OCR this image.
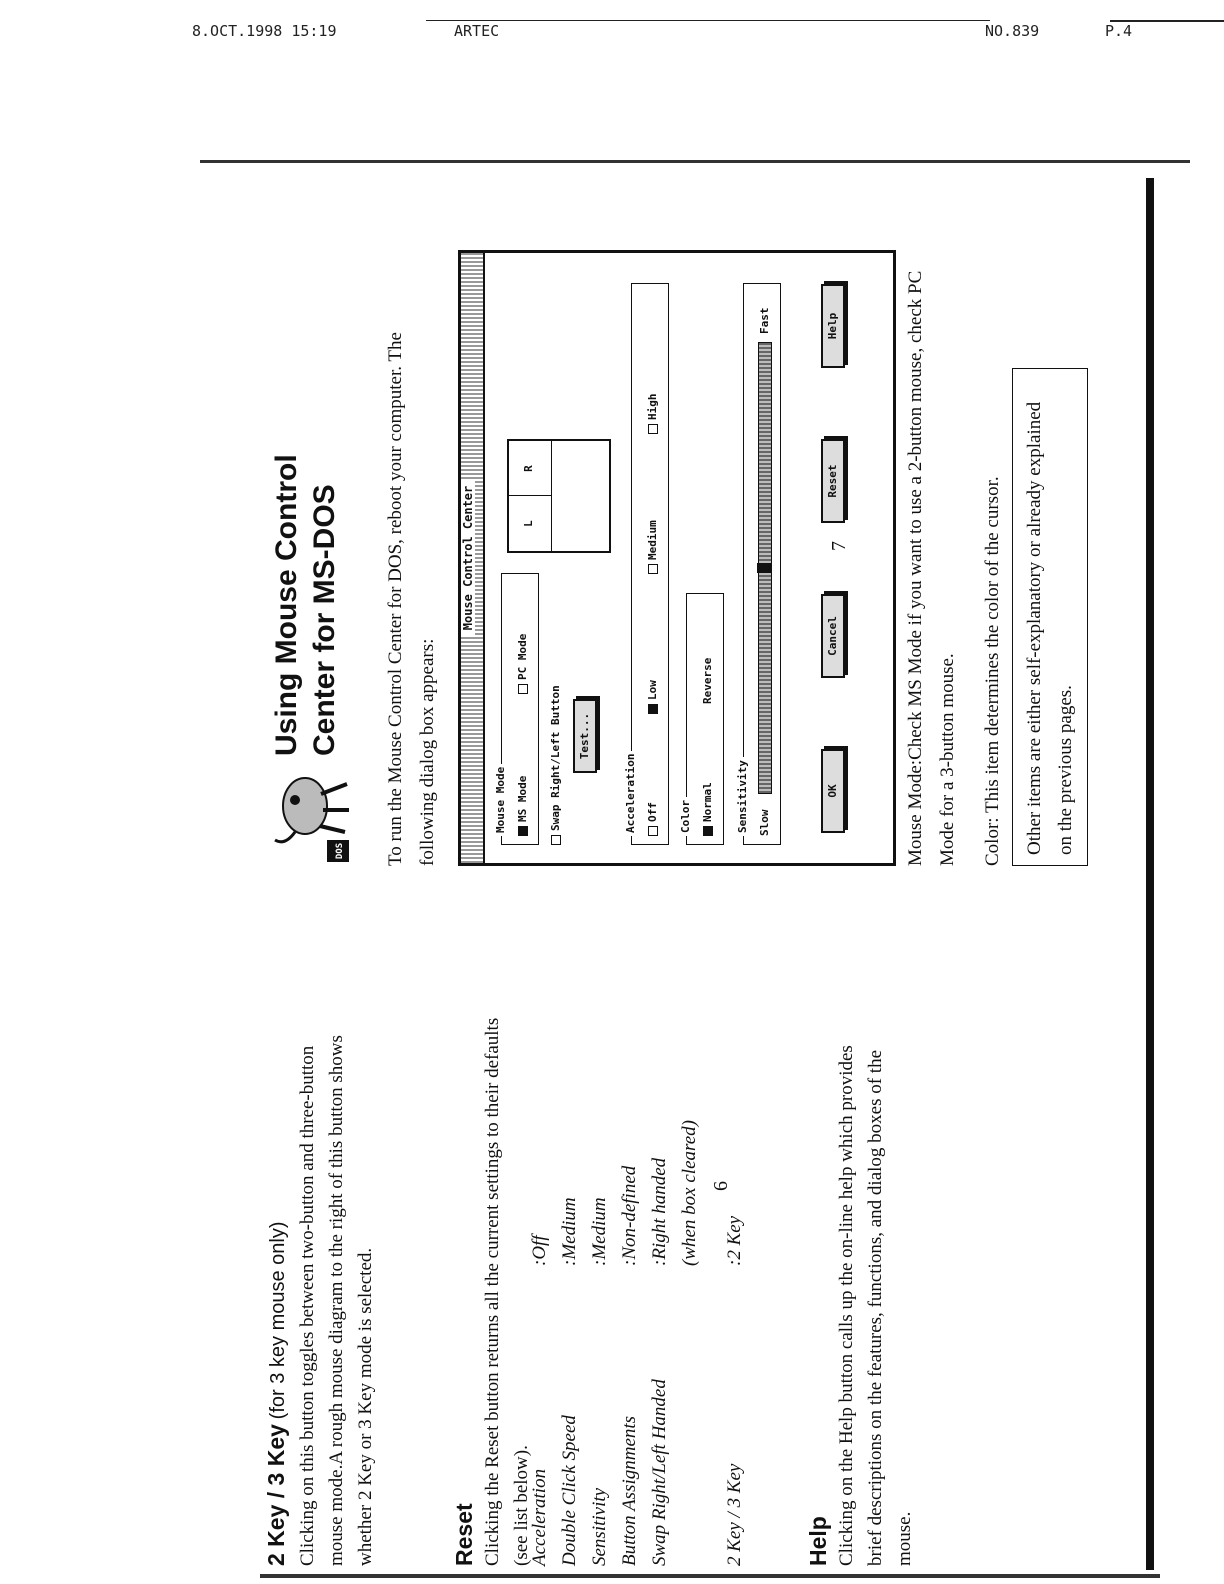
8.OCT.1998 15:19	ARTEC	NO.839	P.4

2 Key / 3 Key (for 3 key mouse only) Clicking on this button toggles between two-button and three-button mouse mode.A rough mouse diagram to the right of this button shows whether 2 Key or 3 Key mode is selected.	Reset Clicking the Reset button returns all the current settings to their defaults (see list below).

Acceleration
:Off
Double Click Speed
:Medium
Sensitivity
:Medium
Button Assignments
:Non-defined
Swap Right/Left Handed
:Right handed (when box cleared)
2 Key / 3 Key
:2 Key

Help Clicking on the Help button calls up the on-line help which provides brief descriptions on the features, functions, and dialog boxes of the mouse.

6
DOS
Using Mouse Control Center for MS-DOS To run the Mouse Control Center for DOS, reboot your computer. The following dialog box appears:

Mouse Control Center
Mouse Mode MS Mode
PC Mode
Swap Right/Left Button	Test...
L
R
Acceleration Off
Low
Medium
High
Color Normal
Reverse
Sensitivity Slow
Fast
OK
Cancel
Reset
Help

Mouse Mode:Check MS Mode if you want to use a 2-button mouse, check PC Mode for a 3-button mouse.	Color: This item determines the color of the cursor.	Other items are either self-explanatory or already explained on the previous pages.
7
